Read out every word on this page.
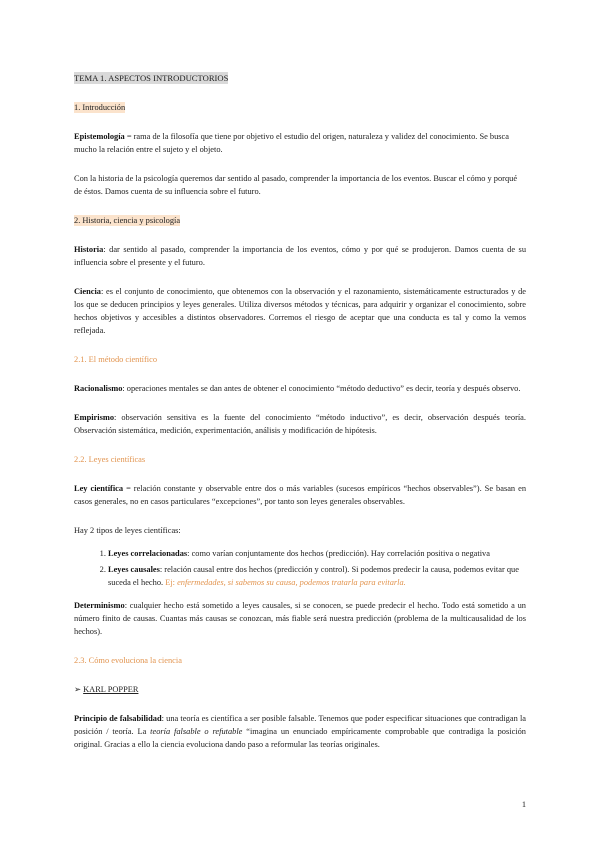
TEMA 1. ASPECTOS INTRODUCTORIOS

1. Introducción

Epistemología = rama de la filosofía que tiene por objetivo el estudio del origen, naturaleza y validez del conocimiento. Se busca mucho la relación entre el sujeto y el objeto.

Con la historia de la psicología queremos dar sentido al pasado, comprender la importancia de los eventos. Buscar el cómo y porqué de éstos. Damos cuenta de su influencia sobre el futuro.

2. Historia, ciencia y psicología

Historia: dar sentido al pasado, comprender la importancia de los eventos, cómo y por qué se produjeron. Damos cuenta de su influencia sobre el presente y el futuro.

Ciencia: es el conjunto de conocimiento, que obtenemos con la observación y el razonamiento, sistemáticamente estructurados y de los que se deducen principios y leyes generales. Utiliza diversos métodos y técnicas, para adquirir y organizar el conocimiento, sobre hechos objetivos y accesibles a distintos observadores. Corremos el riesgo de aceptar que una conducta es tal y como la vemos reflejada.

2.1. El método científico

Racionalismo: operaciones mentales se dan antes de obtener el conocimiento “método deductivo” es decir, teoría y después observo.

Empirismo: observación sensitiva es la fuente del conocimiento “método inductivo”, es decir, observación después teoría. Observación sistemática, medición, experimentación, análisis y modificación de hipótesis.

2.2. Leyes científicas

Ley científica = relación constante y observable entre dos o más variables (sucesos empíricos “hechos observables”). Se basan en casos generales, no en casos particulares “excepciones”, por tanto son leyes generales observables.

Hay 2 tipos de leyes científicas:

1. Leyes correlacionadas: como varían conjuntamente dos hechos (predicción). Hay correlación positiva o negativa
2. Leyes causales: relación causal entre dos hechos (predicción y control). Si podemos predecir la causa, podemos evitar que suceda el hecho. Ej: enfermedades, si sabemos su causa, podemos tratarla para evitarla.

Determinismo: cualquier hecho está sometido a leyes causales, si se conocen, se puede predecir el hecho. Todo está sometido a un número finito de causas. Cuantas más causas se conozcan, más fiable será nuestra predicción (problema de la multicausalidad de los hechos).

2.3. Cómo evoluciona la ciencia

➢ KARL POPPER

Principio de falsabilidad: una teoría es científica a ser posible falsable. Tenemos que poder especificar situaciones que contradigan la posición / teoría. La teoría falsable o refutable “imagina un enunciado empíricamente comprobable que contradiga la posición original. Gracias a ello la ciencia evoluciona dando paso a reformular las teorías originales.

1
